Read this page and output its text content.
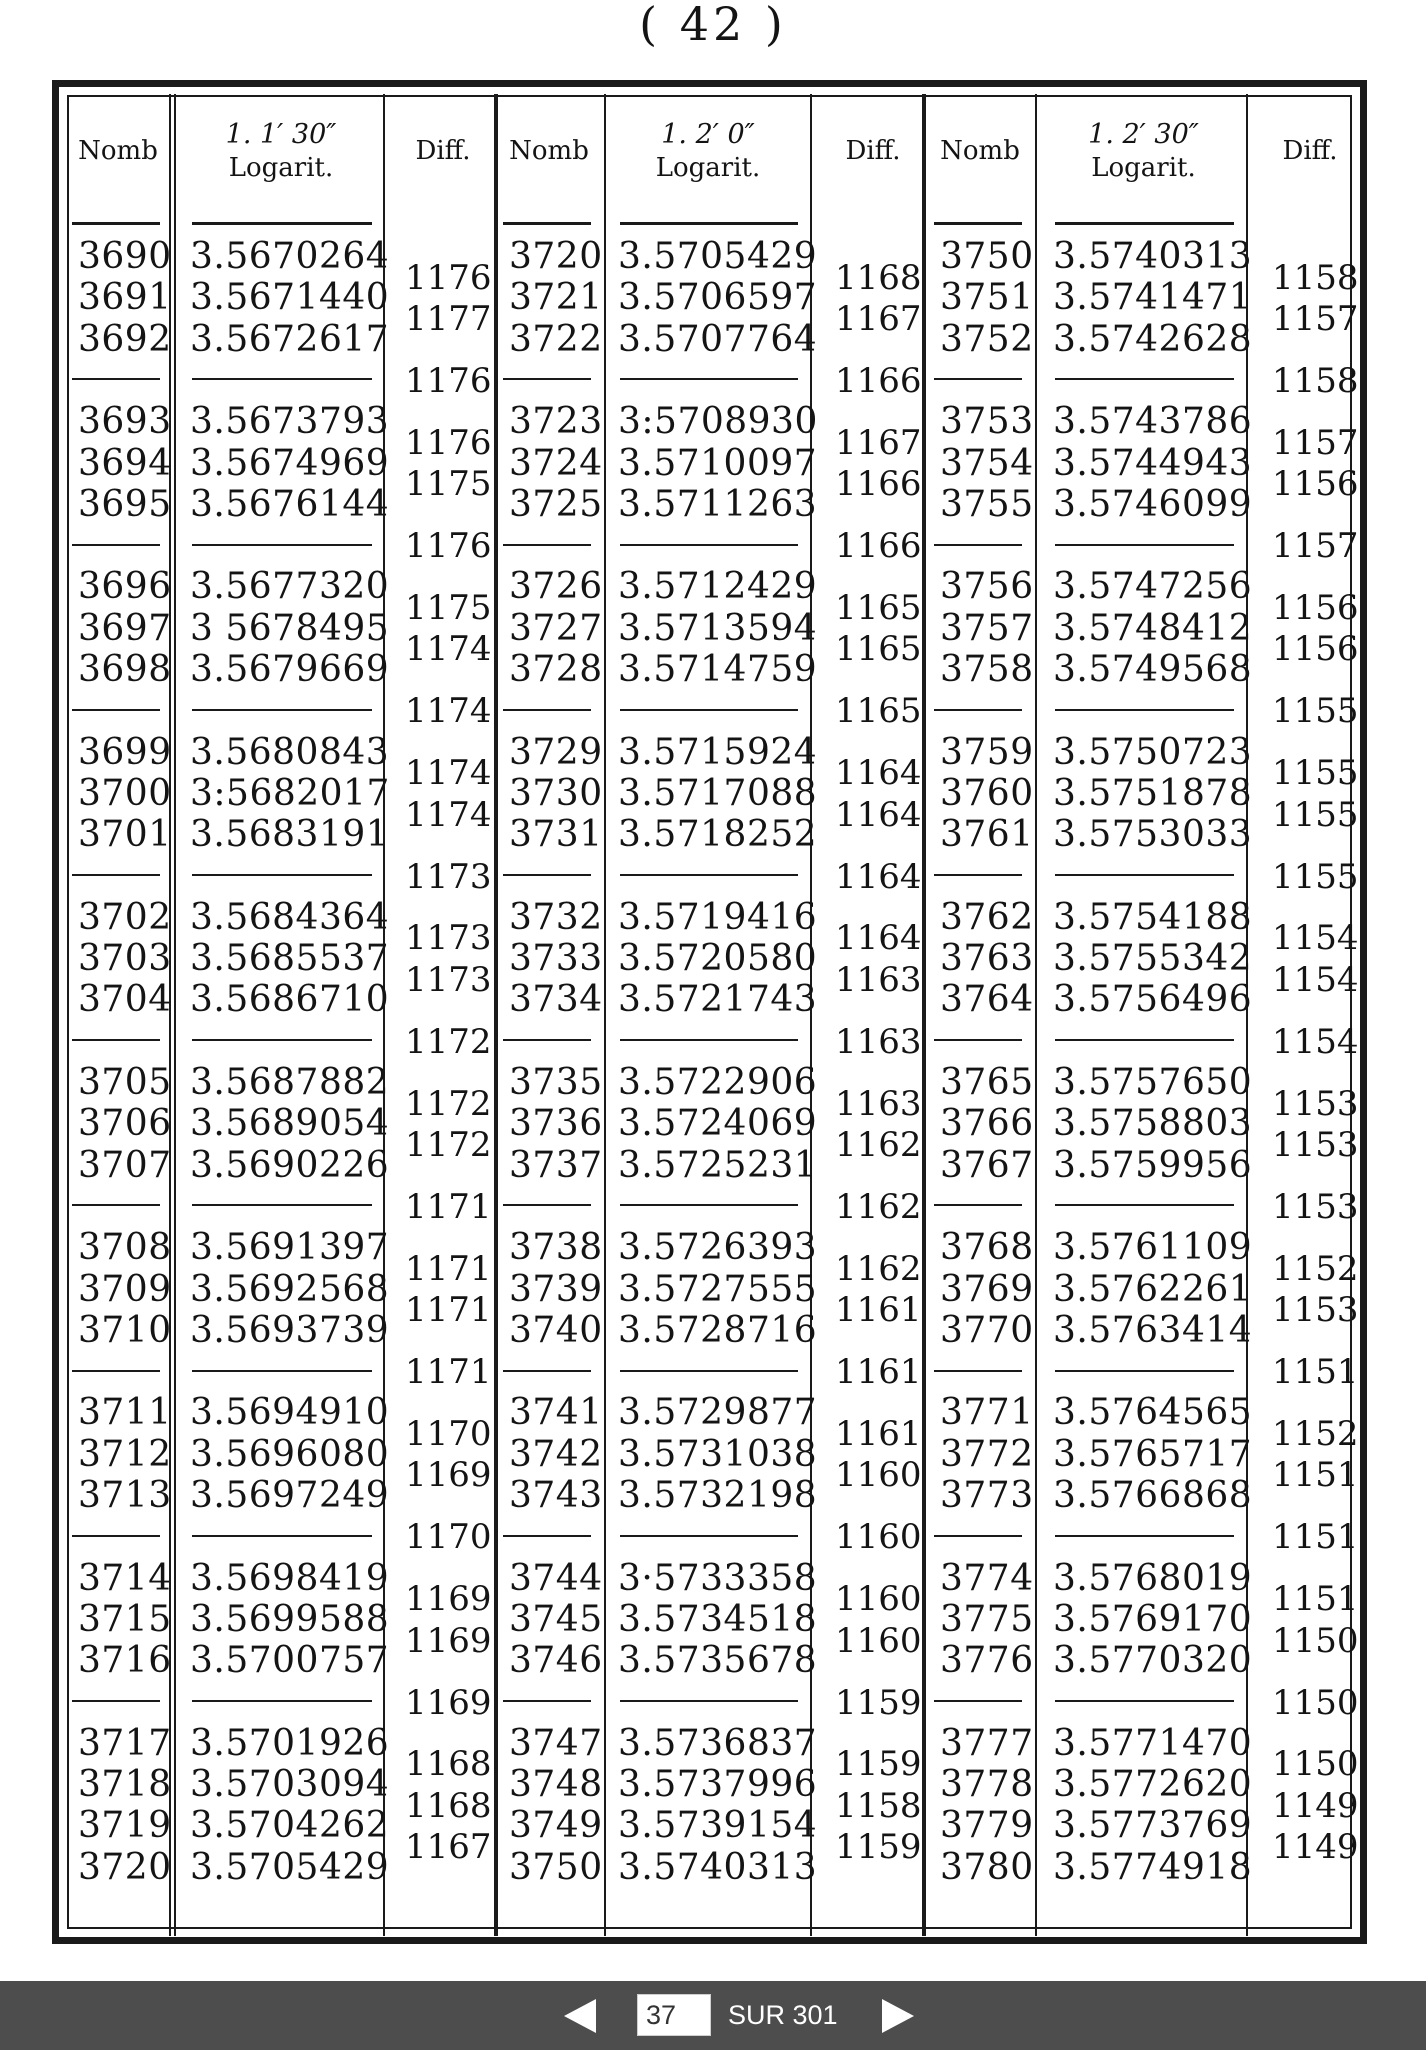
( 42 )
Nomb
1. 1′ 30″
Logarit.
Diff.	Nomb
1. 2′ 0″
Logarit.
Diff.	Nomb
1. 2′ 30″
Logarit.
Diff.
3690 3.5670264
3691 3.5671440
3692 3.5672617
3693 3.5673793
3694 3.5674969
3695 3.5676144
3696 3.5677320
3697 3 5678495
3698 3.5679669
3699 3.5680843
3700 3:5682017
3701 3.5683191
3702 3.5684364
3703 3.5685537
3704 3.5686710
3705 3.5687882
3706 3.5689054
3707 3.5690226
3708 3.5691397
3709 3.5692568
3710 3.5693739
3711 3.5694910
3712 3.5696080
3713 3.5697249
3714 3.5698419
3715 3.5699588
3716 3.5700757
3717 3.5701926
3718 3.5703094
3719 3.5704262
3720 3.5705429
1176
1177
1176
1176
1175
1176
1175
1174
1174
1174
1174
1173
1173
1173
1172
1172
1172
1171
1171
1171
1171
1170
1169
1170
1169
1169
1169
1168
1168
1167
3720 3.5705429
3721 3.5706597
3722 3.5707764
3723 3:5708930
3724 3.5710097
3725 3.5711263
3726 3.5712429
3727 3.5713594
3728 3.5714759
3729 3.5715924
3730 3.5717088
3731 3.5718252
3732 3.5719416
3733 3.5720580
3734 3.5721743
3735 3.5722906
3736 3.5724069
3737 3.5725231
3738 3.5726393
3739 3.5727555
3740 3.5728716
3741 3.5729877
3742 3.5731038
3743 3.5732198
3744 3·5733358
3745 3.5734518
3746 3.5735678
3747 3.5736837
3748 3.5737996
3749 3.5739154
3750 3.5740313
1168
1167
1166
1167
1166
1166
1165
1165
1165
1164
1164
1164
1164
1163
1163
1163
1162
1162
1162
1161
1161
1161
1160
1160
1160
1160
1159
1159
1158
1159
3750 3.5740313
3751 3.5741471
3752 3.5742628
3753 3.5743786
3754 3.5744943
3755 3.5746099
3756 3.5747256
3757 3.5748412
3758 3.5749568
3759 3.5750723
3760 3.5751878
3761 3.5753033
3762 3.5754188
3763 3.5755342
3764 3.5756496
3765 3.5757650
3766 3.5758803
3767 3.5759956
3768 3.5761109
3769 3.5762261
3770 3.5763414
3771 3.5764565
3772 3.5765717
3773 3.5766868
3774 3.5768019
3775 3.5769170
3776 3.5770320
3777 3.5771470
3778 3.5772620
3779 3.5773769
3780 3.5774918
1158
1157
1158
1157
1156
1157
1156
1156
1155
1155
1155
1155
1154
1154
1154
1153
1153
1153
1152
1153
1151
1152
1151
1151
1151
1150
1150
1150
1149
1149
37
SUR 301
